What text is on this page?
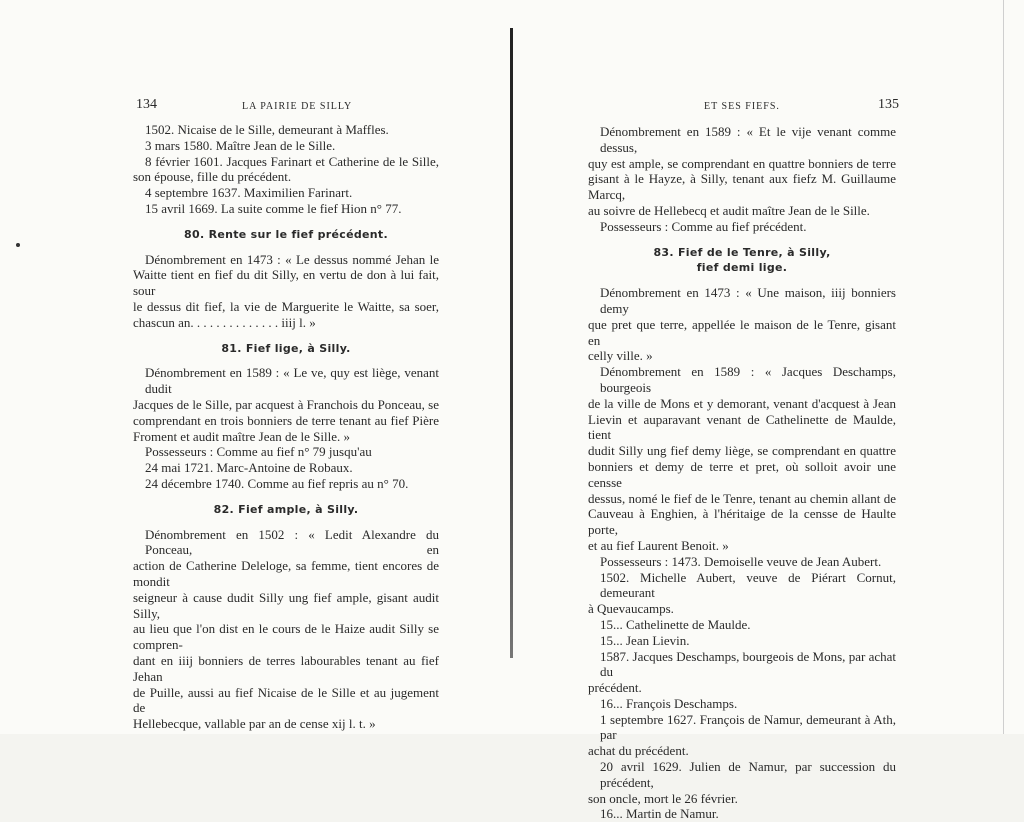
134	LA PAIRIE DE SILLY	ET SES FIEFS.	135
1502. Nicaise de le Sille, demeurant à Maffles.
3 mars 1580. Maître Jean de le Sille.
8 février 1601. Jacques Farinart et Catherine de le Sille,
son épouse, fille du précédent.
4 septembre 1637. Maximilien Farinart.
15 avril 1669. La suite comme le fief Hion n° 77.
80. Rente sur le fief précédent.
Dénombrement en 1473 : « Le dessus nommé Jehan le
Waitte tient en fief du dit Silly, en vertu de don à lui fait, sour
le dessus dit fief, la vie de Marguerite le Waitte, sa soer,
chascun an. . . . . . . . . . . . . . iiij l. »
81. Fief lige, à Silly.
Dénombrement en 1589 : « Le ve, quy est liège, venant dudit
Jacques de le Sille, par acquest à Franchois du Ponceau, se
comprendant en trois bonniers de terre tenant au fief Pière
Froment et audit maître Jean de le Sille. »
Possesseurs : Comme au fief n° 79 jusqu'au
24 mai 1721. Marc-Antoine de Robaux.
24 décembre 1740. Comme au fief repris au n° 70.
82. Fief ample, à Silly.
Dénombrement en 1502 : « Ledit Alexandre du Ponceau, en
action de Catherine Deleloge, sa femme, tient encores de mondit
seigneur à cause dudit Silly ung fief ample, gisant audit Silly,
au lieu que l'on dist en le cours de le Haize audit Silly se compren-
dant en iiij bonniers de terres labourables tenant au fief Jehan
de Puille, aussi au fief Nicaise de le Sille et au jugement de
Hellebecque, vallable par an de cense xij l. t. »
Dénombrement en 1589 : « Et le vije venant comme dessus,
quy est ample, se comprendant en quattre bonniers de terre
gisant à le Hayze, à Silly, tenant aux fiefz M. Guillaume Marcq,
au soivre de Hellebecq et audit maître Jean de le Sille.
Possesseurs : Comme au fief précédent.
83. Fief de le Tenre, à Silly,
fief demi lige.
Dénombrement en 1473 : « Une maison, iiij bonniers demy
que pret que terre, appellée le maison de le Tenre, gisant en
celly ville. »
Dénombrement en 1589 : « Jacques Deschamps, bourgeois
de la ville de Mons et y demorant, venant d'acquest à Jean
Lievin et auparavant venant de Cathelinette de Maulde, tient
dudit Silly ung fief demy liège, se comprendant en quattre
bonniers et demy de terre et pret, où solloit avoir une censse
dessus, nomé le fief de le Tenre, tenant au chemin allant de
Cauveau à Enghien, à l'héritaige de la censse de Haulte porte,
et au fief Laurent Benoit. »
Possesseurs : 1473. Demoiselle veuve de Jean Aubert.
1502. Michelle Aubert, veuve de Piérart Cornut, demeurant
à Quevaucamps.
15... Cathelinette de Maulde.
15... Jean Lievin.
1587. Jacques Deschamps, bourgeois de Mons, par achat du
précédent.
16... François Deschamps.
1 septembre 1627. François de Namur, demeurant à Ath, par
achat du précédent.
20 avril 1629. Julien de Namur, par succession du précédent,
son oncle, mort le 26 février.
16... Martin de Namur.
